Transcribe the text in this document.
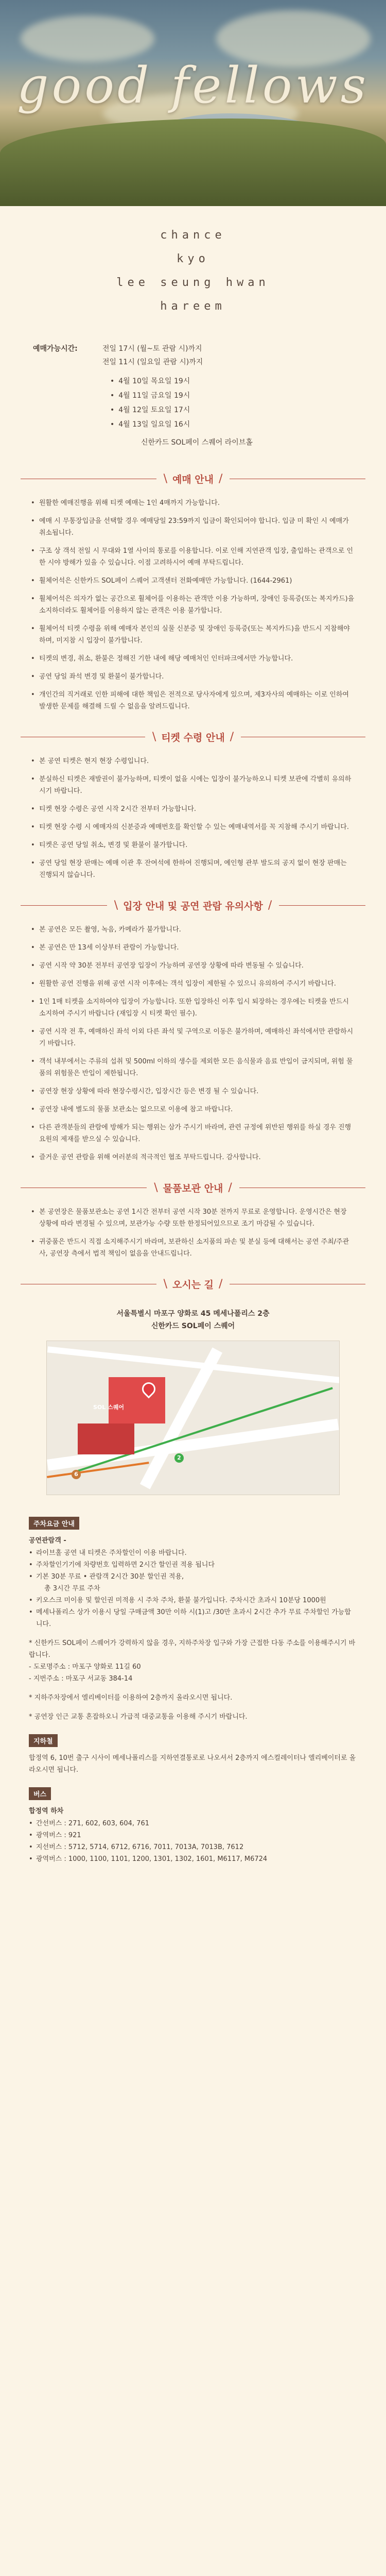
good fellows
chance
kyo
lee seung hwan
hareem
예매가능시간:	전일 17시 (월~토 관람 시)까지
전일 11시 (일요일 관람 시)까지
• 4월 10일 목요일 19시
• 4월 11일 금요일 19시
• 4월 12일 토요일 17시
• 4월 13일 일요일 16시
신한카드 SOL페이 스퀘어 라이브홀
\ 예매 안내 /
• 원활한 예매진행을 위해 티켓 예매는 1인 4매까지 가능합니다.
• 예매 시 무통장입금을 선택할 경우 예매당일 23:59까지 입금이 확인되어야 합니다. 입금 미 확인 시 예매가 취소됩니다.
• 구조 상 객석 전일 시 무대와 1열 사이의 통로를 이용합니다. 이로 인해 지연관객 입장, 출입하는 관객으로 인한 시야 방해가 있을 수 있습니다. 이점 고려하시어 예매 부탁드립니다.
• 휠체어석은 신한카드 SOL페이 스퀘어 고객센터 전화예매만 가능합니다. (1644-2961)
• 휠체어석은 의자가 없는 공간으로 휠체어를 이용하는 관객만 이용 가능하며, 장애인 등록증(또는 복지카드)을 소지하더라도 휠체어를 이용하지 않는 관객은 이용 불가합니다.
• 휠체어석 티켓 수령을 위해 예매자 본인의 실물 신분증 및 장애인 등록증(또는 복지카드)을 반드시 지참해야 하며, 미지참 시 입장이 불가합니다.
• 티켓의 변경, 취소, 환불은 정해진 기한 내에 해당 예매처인 인터파크에서만 가능합니다.
• 공연 당일 좌석 변경 및 환불이 불가합니다.
• 개인간의 직거래로 인한 피해에 대한 책임은 전적으로 당사자에게 있으며, 제3자사의 예매하는 이로 인하여 발생한 문제를 해결해 드릴 수 없음을 알려드립니다.
\ 티켓 수령 안내 /
• 본 공연 티켓은 현지 현장 수령입니다.
• 분실하신 티켓은 재발권이 불가능하며, 티켓이 없을 시에는 입장이 불가능하오니 티켓 보관에 각별히 유의하시기 바랍니다.
• 티켓 현장 수령은 공연 시작 2시간 전부터 가능합니다.
• 티켓 현장 수령 시 예매자의 신분증과 예매번호를 확인할 수 있는 예매내역서를 꼭 지참해 주시기 바랍니다.
• 티켓은 공연 당일 취소, 변경 및 환불이 불가합니다.
• 공연 당일 현장 판매는 예매 이관 후 잔여석에 한하여 진행되며, 예인형 관부 발도의 공지 없이 현장 판매는 진행되지 않습니다.
\ 입장 안내 및 공연 관람 유의사항 /
• 본 공연은 모든 촬영, 녹음, 카메라가 불가합니다.
• 본 공연은 만 13세 이상부터 관람이 가능합니다.
• 공연 시작 약 30분 전부터 공연장 입장이 가능하며 공연장 상황에 따라 변동될 수 있습니다.
• 원활한 공연 진행을 위해 공연 시작 이후에는 객석 입장이 제한될 수 있으니 유의하여 주시기 바랍니다.
• 1인 1매 티켓을 소지하여야 입장이 가능합니다. 또한 입장하신 이후 입시 퇴장하는 경우에는 티켓을 반드시 소지하여 주시기 바랍니다 (재입장 시 티켓 확인 필수).
• 공연 시작 전 후, 예매하신 좌석 이외 다른 좌석 및 구역으로 이동은 불가하며, 예매하신 좌석에서만 관람하시기 바랍니다.
• 객석 내부에서는 주류의 섭취 및 500ml 이하의 생수를 제외한 모든 음식물과 음료 반입이 금지되며, 위험 물품의 위험물은 반입이 제한됩니다.
• 공연장 현장 상황에 따라 현장수령시간, 입장시간 등은 변경 될 수 있습니다.
• 공연장 내에 별도의 물품 보관소는 없으므로 이용에 참고 바랍니다.
• 다른 관객분들의 관람에 방해가 되는 행위는 삼가 주시기 바라며, 관련 규정에 위반된 행위를 하실 경우 진행요원의 제재를 받으실 수 있습니다.
• 즐거운 공연 관람을 위해 여러분의 적극적인 협조 부탁드립니다. 감사합니다.
\ 물품보관 안내 /
• 본 공연장은 물품보관소는 공연 1시간 전부터 공연 시작 30분 전까지 무료로 운영합니다. 운영시간은 현장 상황에 따라 변경될 수 있으며, 보관가능 수량 또한 한정되어있으므로 조기 마감될 수 있습니다.
• 귀중품은 반드시 직접 소지해주시기 바라며, 보관하신 소지품의 파손 및 분실 등에 대해서는 공연 주최/주관사, 공연장 측에서 법적 책임이 없음을 안내드립니다.
\ 오시는 길 /
서울특별시 마포구 양화로 45 메세나폴리스 2층
신한카드 SOL페이 스퀘어
SOL 스퀘어
6
2
주차요금 안내
공연관람객 -
• 라이브홀 공연 내 티켓은 주차할인이 이용 바랍니다.
• 주차할인기기에 차량번호 입력하면 2시간 할인권 적용 됩니다
• 기본 30분 무료 • 관람객 2시간 30분 할인권 적용,
총 3시간 무료 주차
• 키오스크 미이용 및 할인권 미적용 시 주차 주차, 환불 불가입니다. 주차시간 초과시 10분당 1000원
• 메세나폴리스 상가 이용시 당일 구매금액 30만 이하 시(1)고 /30만 초과시 2시간 추가 무료 주차할인 가능합니다.
* 신한카드 SOL페이 스퀘어가 강력하지 않을 경우, 지하주차장 입구와 가장 근접한 다동 주소를 이용해주시기 바랍니다.
- 도로명주소 : 마포구 양화로 11길 60
- 지번주소 : 마포구 서교동 384-14
* 지하주차장에서 엘리베이터를 이용하여 2층까지 올라오시면 됩니다.
* 공연장 인근 교통 혼잡하오니 가급적 대중교통을 이용해 주시기 바랍니다.
지하철
합정역 6, 10번 출구 시사이 메세나폴리스를 지하연결통로로 나오셔서 2층까지 에스컬레이터나 엘리베이터로 올라오시면 됩니다.
버스
합정역 하차
• 간선버스 : 271, 602, 603, 604, 761
• 광역버스 : 921
• 지선버스 : 5712, 5714, 6712, 6716, 7011, 7013A, 7013B, 7612
• 광역버스 : 1000, 1100, 1101, 1200, 1301, 1302, 1601, M6117, M6724
